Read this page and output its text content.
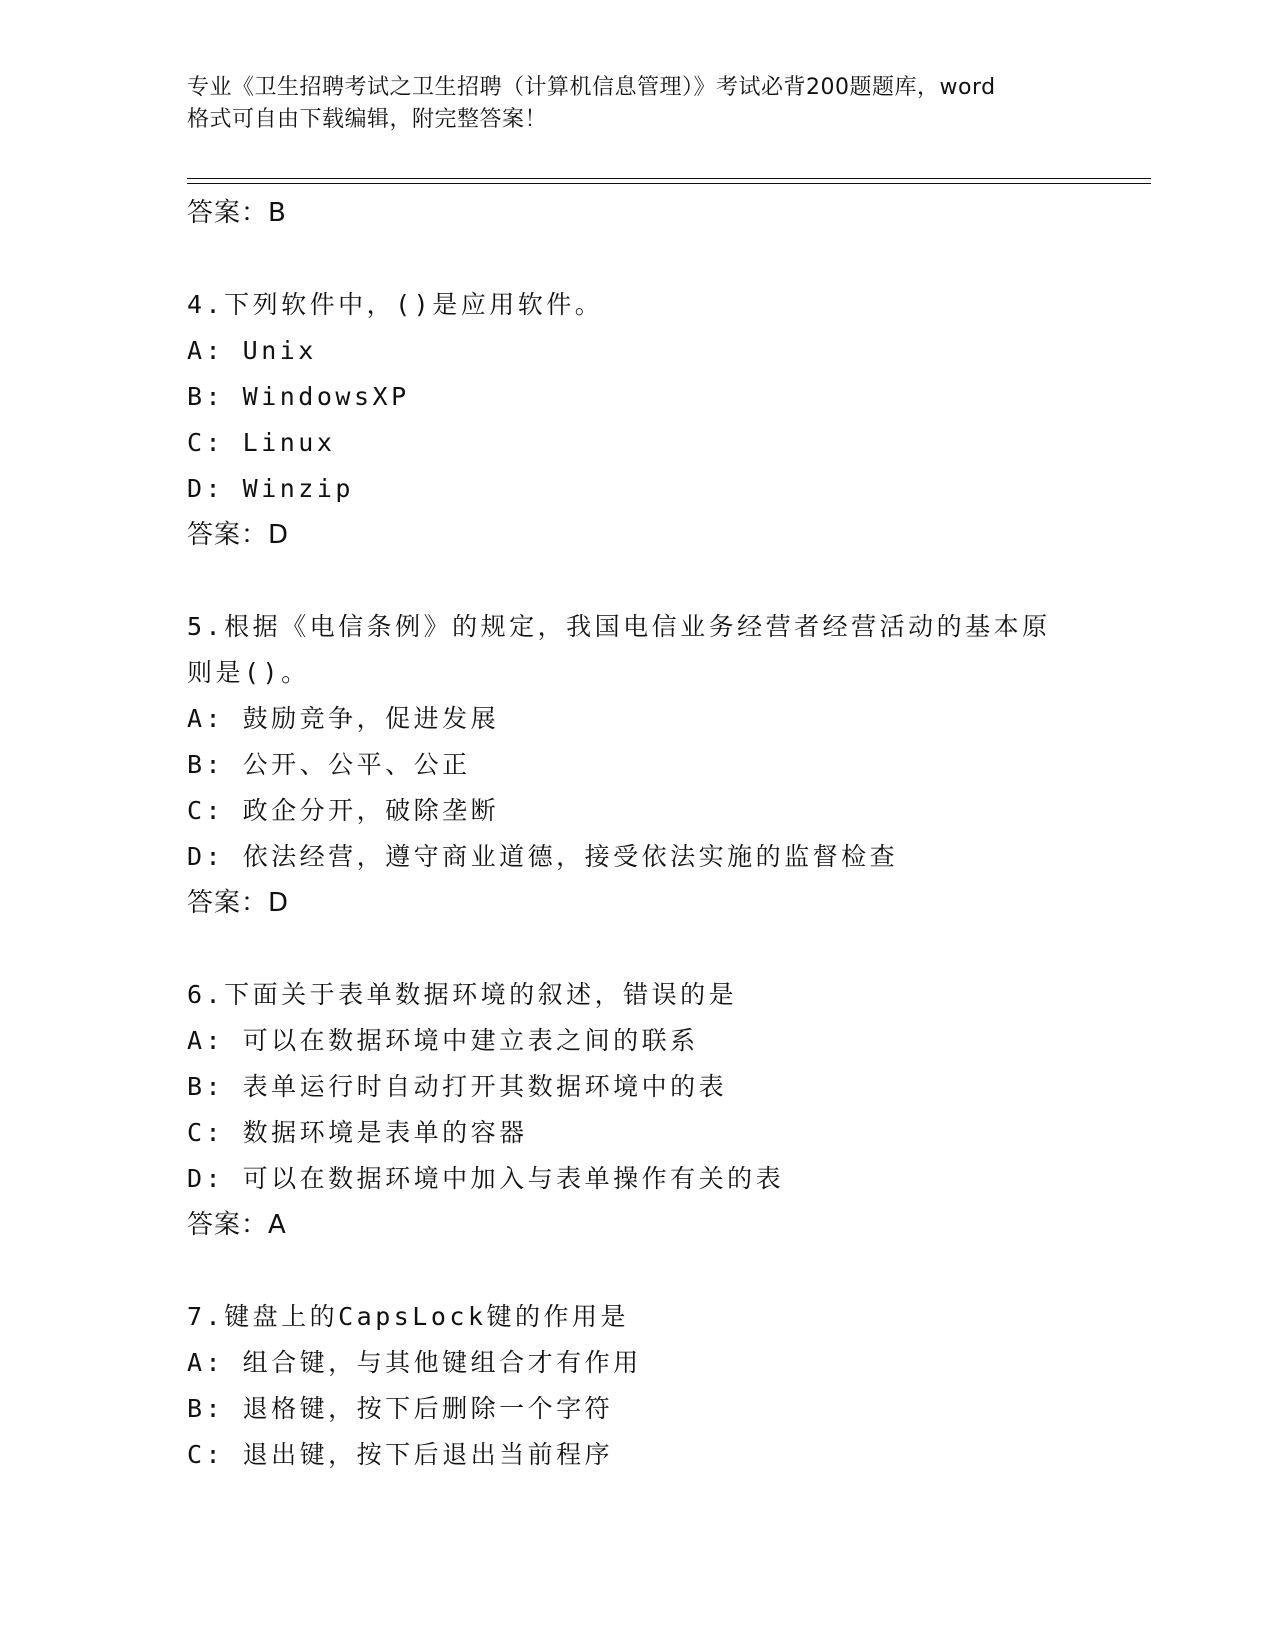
专业《卫生招聘考试之卫生招聘（计算机信息管理）》考试必背200题题库，word
格式可自由下载编辑，附完整答案！
答案：B
4.下列软件中，()是应用软件。
A: Unix
B: WindowsXP
C: Linux
D: Winzip
答案：D
5.根据《电信条例》的规定，我国电信业务经营者经营活动的基本原
则是()。
A: 鼓励竞争，促进发展
B: 公开、公平、公正
C: 政企分开，破除垄断
D: 依法经营，遵守商业道德，接受依法实施的监督检查
答案：D
6.下面关于表单数据环境的叙述，错误的是
A: 可以在数据环境中建立表之间的联系
B: 表单运行时自动打开其数据环境中的表
C: 数据环境是表单的容器
D: 可以在数据环境中加入与表单操作有关的表
答案：A
7.键盘上的CapsLock键的作用是
A: 组合键，与其他键组合才有作用
B: 退格键，按下后删除一个字符
C: 退出键，按下后退出当前程序
